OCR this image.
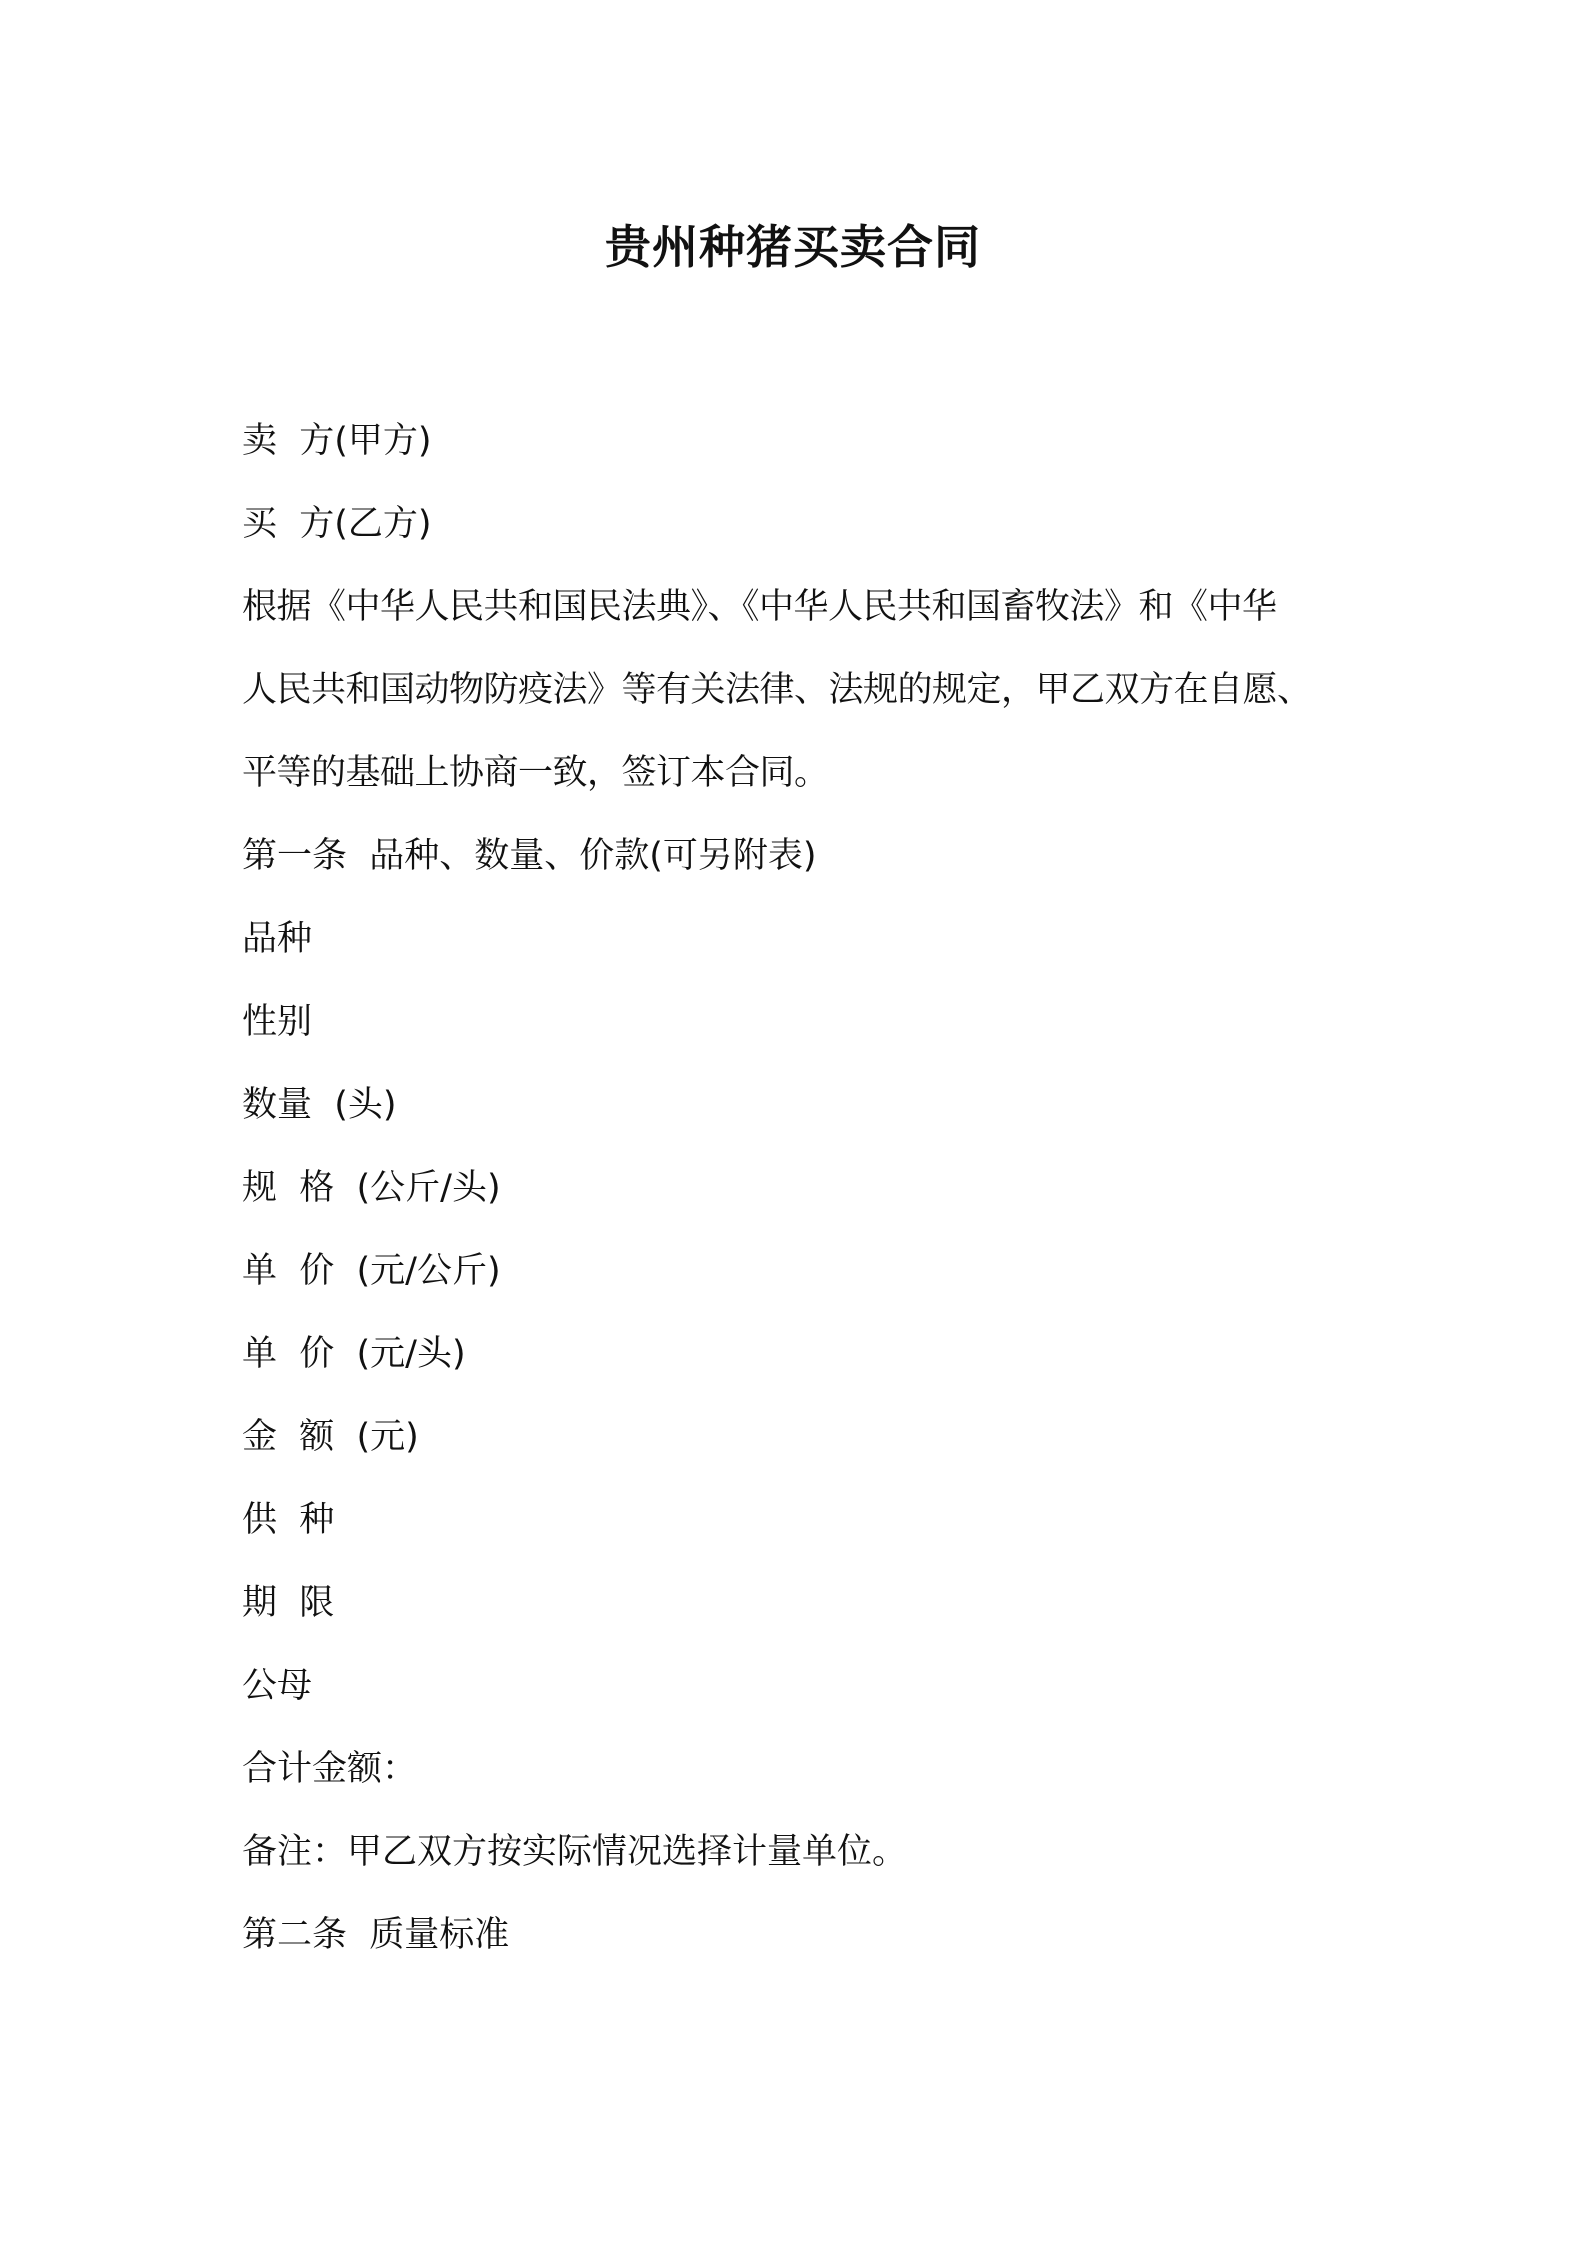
贵州种猪买卖合同
卖  方(甲方)
买  方(乙方)
根据《中华人民共和国民法典》、《中华人民共和国畜牧法》和《中华
人民共和国动物防疫法》等有关法律、法规的规定，甲乙双方在自愿、
平等的基础上协商一致，签订本合同。
第一条  品种、数量、价款(可另附表)
品种
性别
数量  (头)
规  格  (公斤/头)
单  价  (元/公斤)
单  价  (元/头)
金  额  (元)
供  种
期  限
公母
合计金额：
备注：甲乙双方按实际情况选择计量单位。
第二条  质量标准
